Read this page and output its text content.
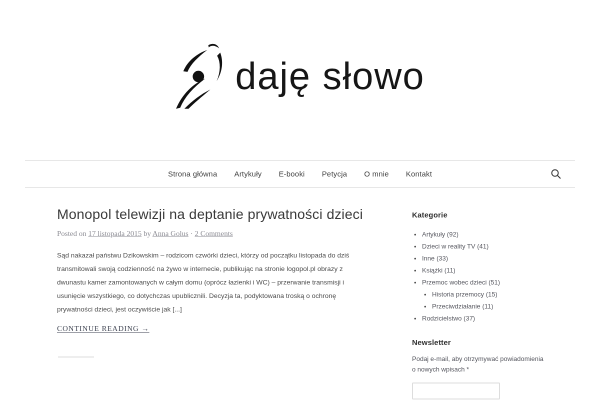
daję słowo
Strona główna Artykuły E-booki Petycja O mnie Kontakt
Monopol telewizji na deptanie prywatności dzieci
Posted on 17 listopada 2015 by Anna Golus · 2 Comments

Sąd nakazał państwu Dzikowskim – rodzicom czwórki dzieci, którzy od początku listopada do dziś transmitowali swoją codzienność na żywo w internecie, publikując na stronie logopol.pl obrazy z dwunastu kamer zamontowanych w całym domu (oprócz łazienki i WC) – przerwanie transmisji i usunięcie wszystkiego, co dotychczas upublicznili. Decyzja ta, podyktowana troską o ochronę prywatności dzieci, jest oczywiście jak [...]

CONTINUE READING →
Kategorie
• Artykuły (92)
• Dzieci w reality TV (41)
• Inne (33)
• Książki (11)
• Przemoc wobec dzieci (51)
• Historia przemocy (15)
• Przeciwdziałanie (11)
• Rodzicielstwo (37)
Newsletter

Podaj e-mail, aby otrzymywać powiadomienia o nowych wpisach *
